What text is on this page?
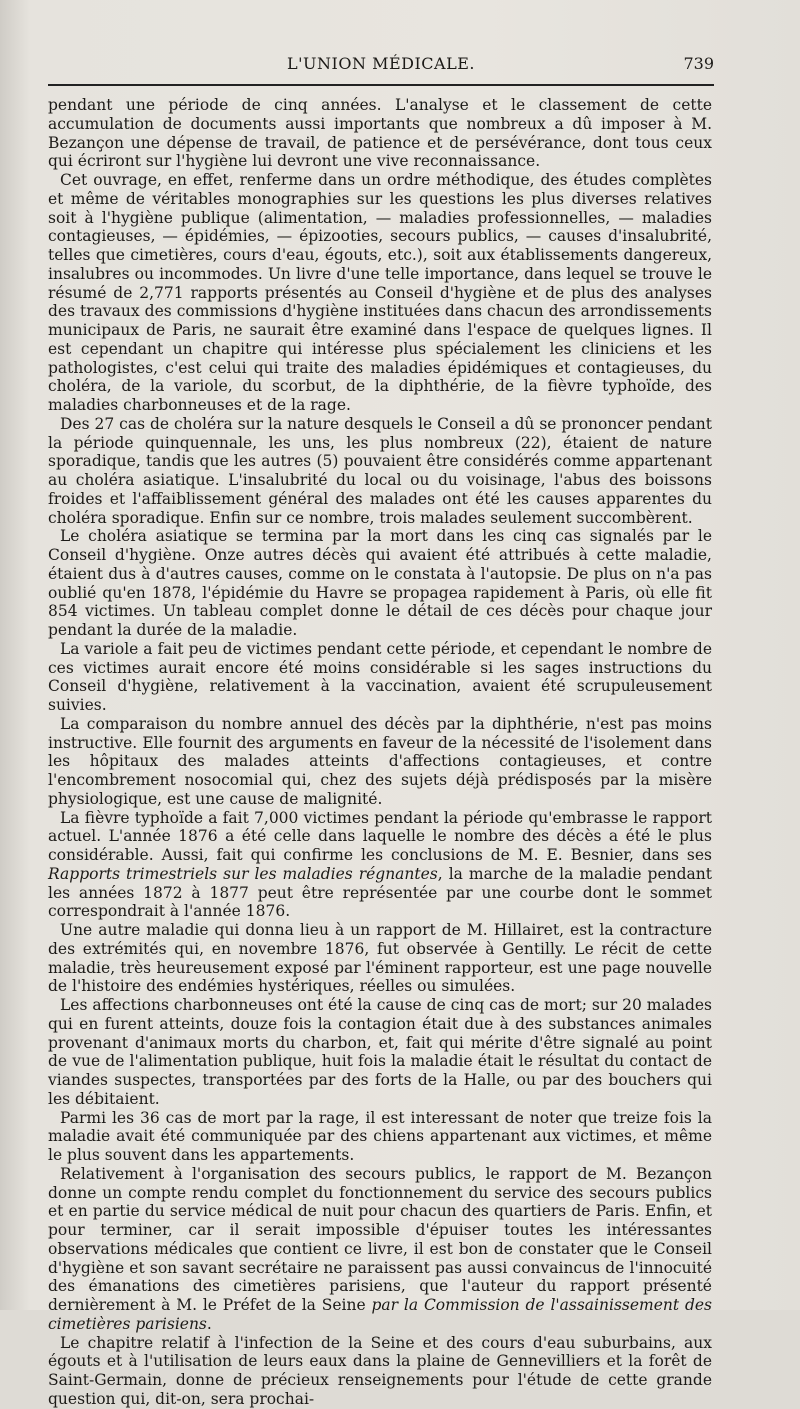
L'UNION MÉDICALE.	739

pendant une période de cinq années. L'analyse et le classement de cette accumulation de documents aussi importants que nombreux a dû imposer à M. Bezançon une dépense de travail, de patience et de persévérance, dont tous ceux qui écriront sur l'hygiène lui devront une vive reconnaissance.

Cet ouvrage, en effet, renferme dans un ordre méthodique, des études complètes et même de véritables monographies sur les questions les plus diverses relatives soit à l'hygiène publique (alimentation, — maladies professionnelles, — maladies contagieuses, — épidémies, — épizooties, secours publics, — causes d'insalubrité, telles que cimetières, cours d'eau, égouts, etc.), soit aux établissements dangereux, insalubres ou incommodes. Un livre d'une telle importance, dans lequel se trouve le résumé de 2,771 rapports présentés au Conseil d'hygiène et de plus des analyses des travaux des commissions d'hygiène instituées dans chacun des arrondissements municipaux de Paris, ne saurait être examiné dans l'espace de quelques lignes. Il est cependant un chapitre qui intéresse plus spécialement les cliniciens et les pathologistes, c'est celui qui traite des maladies épidémiques et contagieuses, du choléra, de la variole, du scorbut, de la diphthérie, de la fièvre typhoïde, des maladies charbonneuses et de la rage.

Des 27 cas de choléra sur la nature desquels le Conseil a dû se prononcer pendant la période quinquennale, les uns, les plus nombreux (22), étaient de nature sporadique, tandis que les autres (5) pouvaient être considérés comme appartenant au choléra asiatique. L'insalubrité du local ou du voisinage, l'abus des boissons froides et l'affaiblissement général des malades ont été les causes apparentes du choléra sporadique. Enfin sur ce nombre, trois malades seulement succombèrent.

Le choléra asiatique se termina par la mort dans les cinq cas signalés par le Conseil d'hygiène. Onze autres décès qui avaient été attribués à cette maladie, étaient dus à d'autres causes, comme on le constata à l'autopsie. De plus on n'a pas oublié qu'en 1878, l'épidémie du Havre se propagea rapidement à Paris, où elle fit 854 victimes. Un tableau complet donne le détail de ces décès pour chaque jour pendant la durée de la maladie.

La variole a fait peu de victimes pendant cette période, et cependant le nombre de ces victimes aurait encore été moins considérable si les sages instructions du Conseil d'hygiène, relativement à la vaccination, avaient été scrupuleusement suivies.

La comparaison du nombre annuel des décès par la diphthérie, n'est pas moins instructive. Elle fournit des arguments en faveur de la nécessité de l'isolement dans les hôpitaux des malades atteints d'affections contagieuses, et contre l'encombrement nosocomial qui, chez des sujets déjà prédisposés par la misère physiologique, est une cause de malignité.

La fièvre typhoïde a fait 7,000 victimes pendant la période qu'embrasse le rapport actuel. L'année 1876 a été celle dans laquelle le nombre des décès a été le plus considérable. Aussi, fait qui confirme les conclusions de M. E. Besnier, dans ses Rapports trimestriels sur les maladies régnantes, la marche de la maladie pendant les années 1872 à 1877 peut être représentée par une courbe dont le sommet correspondrait à l'année 1876.

Une autre maladie qui donna lieu à un rapport de M. Hillairet, est la contracture des extrémités qui, en novembre 1876, fut observée à Gentilly. Le récit de cette maladie, très heureusement exposé par l'éminent rapporteur, est une page nouvelle de l'histoire des endémies hystériques, réelles ou simulées.

Les affections charbonneuses ont été la cause de cinq cas de mort; sur 20 malades qui en furent atteints, douze fois la contagion était due à des substances animales provenant d'animaux morts du charbon, et, fait qui mérite d'être signalé au point de vue de l'alimentation publique, huit fois la maladie était le résultat du contact de viandes suspectes, transportées par des forts de la Halle, ou par des bouchers qui les débitaient.

Parmi les 36 cas de mort par la rage, il est interessant de noter que treize fois la maladie avait été communiquée par des chiens appartenant aux victimes, et même le plus souvent dans les appartements.

Relativement à l'organisation des secours publics, le rapport de M. Bezançon donne un compte rendu complet du fonctionnement du service des secours publics et en partie du service médical de nuit pour chacun des quartiers de Paris. Enfin, et pour terminer, car il serait impossible d'épuiser toutes les intéressantes observations médicales que contient ce livre, il est bon de constater que le Conseil d'hygiène et son savant secrétaire ne paraissent pas aussi convaincus de l'innocuité des émanations des cimetières parisiens, que l'auteur du rapport présenté dernièrement à M. le Préfet de la Seine par la Commission de l'assainissement des cimetières parisiens.

Le chapitre relatif à l'infection de la Seine et des cours d'eau suburbains, aux égouts et à l'utilisation de leurs eaux dans la plaine de Gennevilliers et la forêt de Saint-Germain, donne de précieux renseignements pour l'étude de cette grande question qui, dit-on, sera prochai-
